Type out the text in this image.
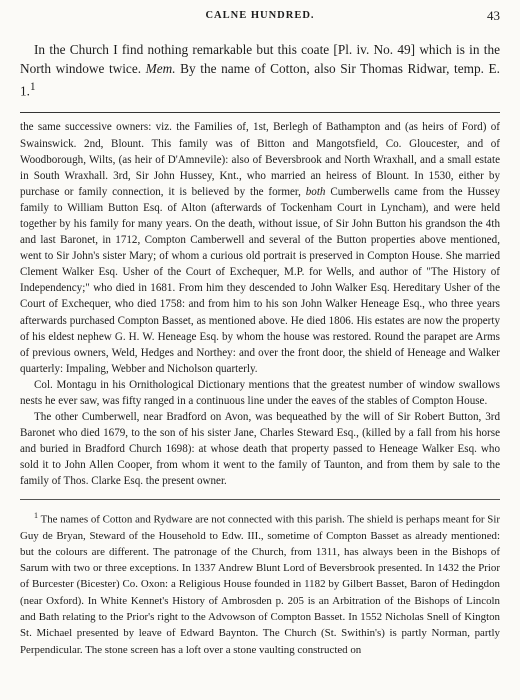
CALNE HUNDRED.	43

In the Church I find nothing remarkable but this coate [Pl. iv. No. 49] which is in the North windowe twice. Mem. By the name of Cotton, also Sir Thomas Ridwar, temp. E. 1.$^1$

the same successive owners: viz. the Families of, 1st, Berlegh of Bathampton and (as heirs of Ford) of Swainswick. 2nd, Blount. This family was of Bitton and Mangotsfield, Co. Gloucester, and of Woodborough, Wilts, (as heir of D'Amnevile): also of Beversbrook and North Wraxhall, and a small estate in South Wraxhall. 3rd, Sir John Hussey, Knt., who married an heiress of Blount. In 1530, either by purchase or family connection, it is believed by the former, both Cumberwells came from the Hussey family to William Button Esq. of Alton (afterwards of Tockenham Court in Lyncham), and were held together by his family for many years. On the death, without issue, of Sir John Button his grandson the 4th and last Baronet, in 1712, Compton Camberwell and several of the Button properties above mentioned, went to Sir John's sister Mary; of whom a curious old portrait is preserved in Compton House. She married Clement Walker Esq. Usher of the Court of Exchequer, M.P. for Wells, and author of "The History of Independency;" who died in 1681. From him they descended to John Walker Esq. Hereditary Usher of the Court of Exchequer, who died 1758: and from him to his son John Walker Heneage Esq., who three years afterwards purchased Compton Basset, as mentioned above. He died 1806. His estates are now the property of his eldest nephew G. H. W. Heneage Esq. by whom the house was restored. Round the parapet are Arms of previous owners, Weld, Hedges and Northey: and over the front door, the shield of Heneage and Walker quarterly: Impaling, Webber and Nicholson quarterly.

Col. Montagu in his Ornithological Dictionary mentions that the greatest number of window swallows nests he ever saw, was fifty ranged in a continuous line under the eaves of the stables of Compton House.

The other Cumberwell, near Bradford on Avon, was bequeathed by the will of Sir Robert Button, 3rd Baronet who died 1679, to the son of his sister Jane, Charles Steward Esq., (killed by a fall from his horse and buried in Bradford Church 1698): at whose death that property passed to Heneage Walker Esq. who sold it to John Allen Cooper, from whom it went to the family of Taunton, and from them by sale to the family of Thos. Clarke Esq. the present owner.

$^1$ The names of Cotton and Rydware are not connected with this parish. The shield is perhaps meant for Sir Guy de Bryan, Steward of the Household to Edw. III., sometime of Compton Basset as already mentioned: but the colours are different. The patronage of the Church, from 1311, has always been in the Bishops of Sarum with two or three exceptions. In 1337 Andrew Blunt Lord of Beversbrook presented. In 1432 the Prior of Burcester (Bicester) Co. Oxon: a Religious House founded in 1182 by Gilbert Basset, Baron of Hedingdon (near Oxford). In White Kennet's History of Ambrosden p. 205 is an Arbitration of the Bishops of Lincoln and Bath relating to the Prior's right to the Advowson of Compton Basset. In 1552 Nicholas Snell of Kington St. Michael presented by leave of Edward Baynton. The Church (St. Swithin's) is partly Norman, partly Perpendicular. The stone screen has a loft over a stone vaulting constructed on
